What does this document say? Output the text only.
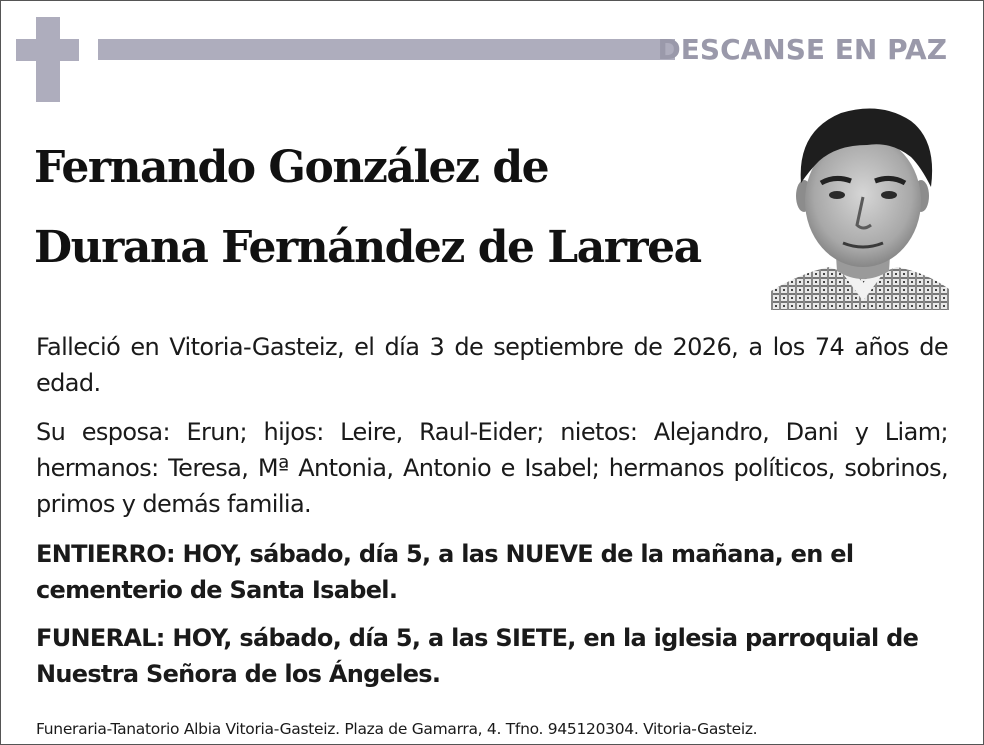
DESCANSE EN PAZ
Fernando González de
Durana Fernández de Larrea

Falleció en Vitoria-Gasteiz, el día 3 de septiembre de 2026, a los 74 años de edad.

Su esposa: Erun; hijos: Leire, Raul-Eider; nietos: Alejandro, Dani y Liam; hermanos: Teresa, Mª Antonia, Antonio e Isabel; hermanos políticos, sobrinos, primos y demás familia.

ENTIERRO: HOY, sábado, día 5, a las NUEVE de la mañana, en el cementerio de Santa Isabel.

FUNERAL: HOY, sábado, día 5, a las SIETE, en la iglesia parroquial de Nuestra Señora de los Ángeles.

Funeraria-Tanatorio Albia Vitoria-Gasteiz. Plaza de Gamarra, 4. Tfno. 945120304. Vitoria-Gasteiz.
